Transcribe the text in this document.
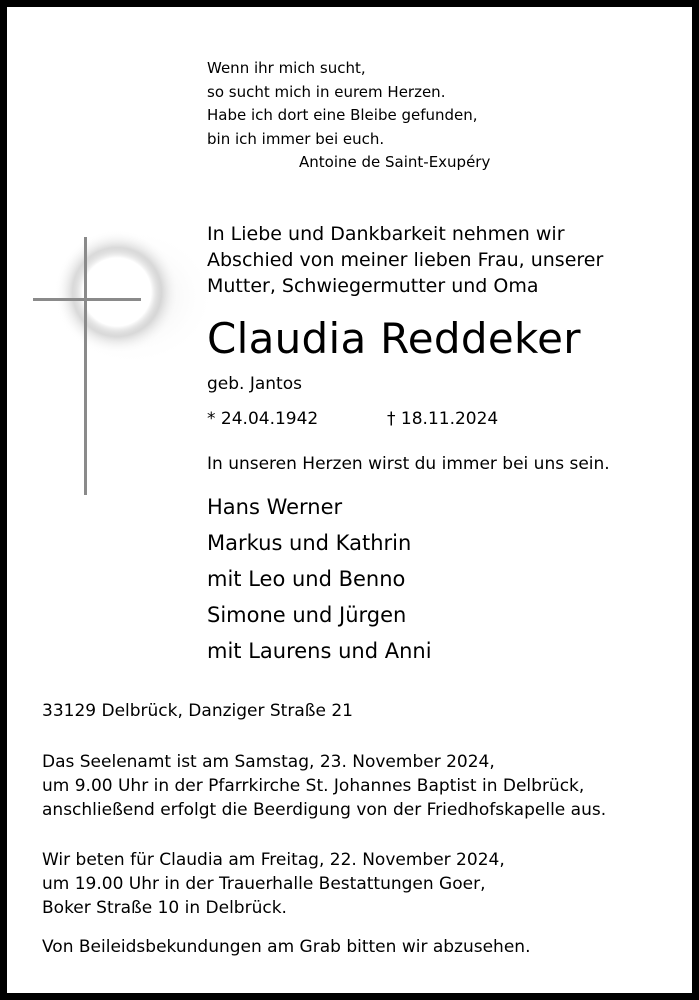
Wenn ihr mich sucht,
so sucht mich in eurem Herzen.
Habe ich dort eine Bleibe gefunden,
bin ich immer bei euch.
Antoine de Saint-Exupéry
In Liebe und Dankbarkeit nehmen wir
Abschied von meiner lieben Frau, unserer
Mutter, Schwiegermutter und Oma
Claudia Reddeker
geb. Jantos
* 24.04.1942	† 18.11.2024
In unseren Herzen wirst du immer bei uns sein.
Hans Werner
Markus und Kathrin
mit Leo und Benno
Simone und Jürgen
mit Laurens und Anni
33129 Delbrück, Danziger Straße 21
Das Seelenamt ist am Samstag, 23. November 2024,
um 9.00 Uhr in der Pfarrkirche St. Johannes Baptist in Delbrück,
anschließend erfolgt die Beerdigung von der Friedhofskapelle aus.
Wir beten für Claudia am Freitag, 22. November 2024,
um 19.00 Uhr in der Trauerhalle Bestattungen Goer,
Boker Straße 10 in Delbrück.
Von Beileidsbekundungen am Grab bitten wir abzusehen.
